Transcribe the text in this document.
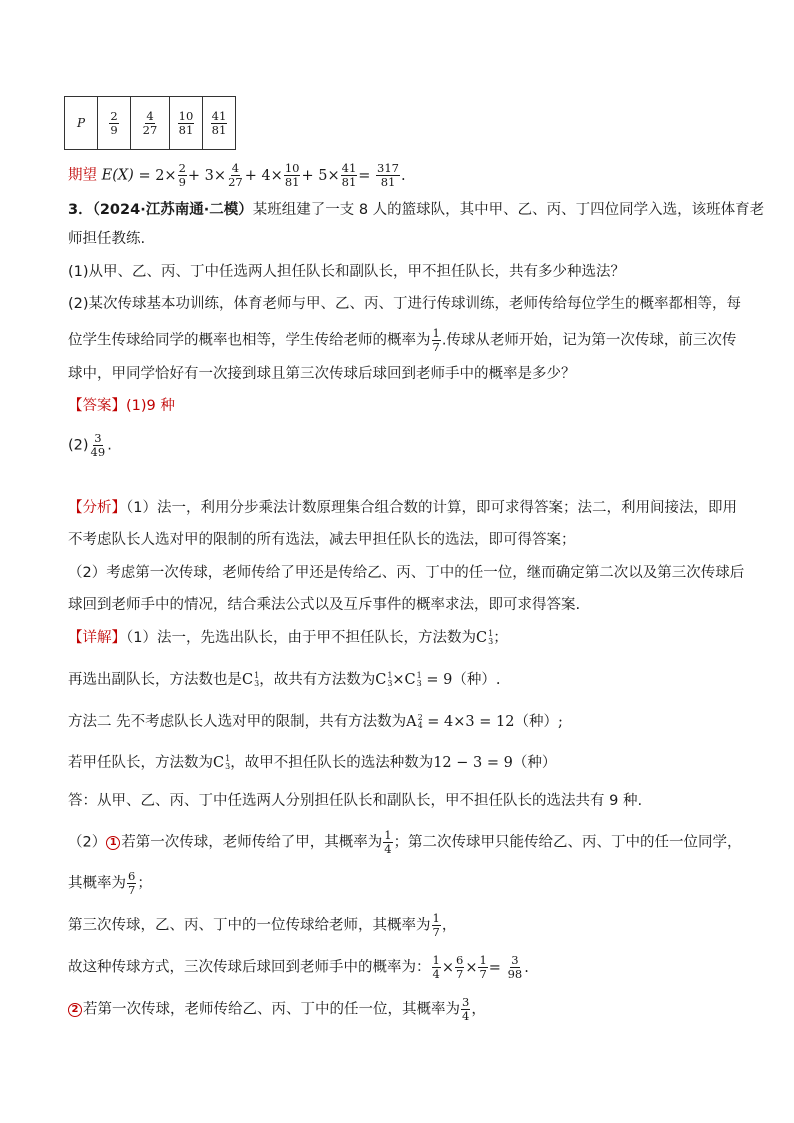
P	$\frac{2}{9}$	$\frac{4}{27}$	$\frac{10}{81}$	$\frac{41}{81}$
期望 $E(X) = 2\times \frac{2}{9} + 3\times \frac{4}{27} + 4\times \frac{10}{81} + 5\times \frac{41}{81} = \frac{317}{81}$ .
3．（2024·江苏南通·二模）某班组建了一支 8 人的篮球队，其中甲、乙、丙、丁四位同学入选，该班体育老
师担任教练.
(1)从甲、乙、丙、丁中任选两人担任队长和副队长，甲不担任队长，共有多少种选法？
(2)某次传球基本功训练，体育老师与甲、乙、丙、丁进行传球训练，老师传给每位学生的概率都相等，每
位学生传球给同学的概率也相等，学生传给老师的概率为 $\frac{1}{7}$ .传球从老师开始，记为第一次传球，前三次传
球中，甲同学恰好有一次接到球且第三次传球后球回到老师手中的概率是多少？
【答案】(1)9 种
$(2) \frac{3}{49}$ .
【分析】（1）法一，利用分步乘法计数原理集合组合数的计算，即可求得答案；法二，利用间接法，即用
不考虑队长人选对甲的限制的所有选法，减去甲担任队长的选法，即可得答案；
（2）考虑第一次传球，老师传给了甲还是传给乙、丙、丁中的任一位，继而确定第二次以及第三次传球后
球回到老师手中的情况，结合乘法公式以及互斥事件的概率求法，即可求得答案.
【详解】（1）法一，先选出队长，由于甲不担任队长，方法数为C 1
3 ；
再选出副队长，方法数也是C 1
3 ，故共有方法数为C 1
3 ×C 1
3 = 9（种）.
方法二 先不考虑队长人选对甲的限制，共有方法数为A 2
4 = 4×3 = 12（种）;
若甲任队长，方法数为C 1
3 ，故甲不担任队长的选法种数为12 − 3 = 9（种）
答：从甲、乙、丙、丁中任选两人分别担任队长和副队长，甲不担任队长的选法共有 9 种.
（2） 1 若第一次传球，老师传给了甲，其概率为 $\frac{1}{4}$ ；第二次传球甲只能传给乙、丙、丁中的任一位同学，
其概率为 $\frac{6}{7}$ ；
第三次传球，乙、丙、丁中的一位传球给老师，其概率为 $\frac{1}{7}$ ，
故这种传球方式，三次传球后球回到老师手中的概率为： $\frac{1}{4} \times \frac{6}{7} \times \frac{1}{7} = \frac{3}{98}$ .
2 若第一次传球，老师传给乙、丙、丁中的任一位，其概率为 $\frac{3}{4}$ ，
